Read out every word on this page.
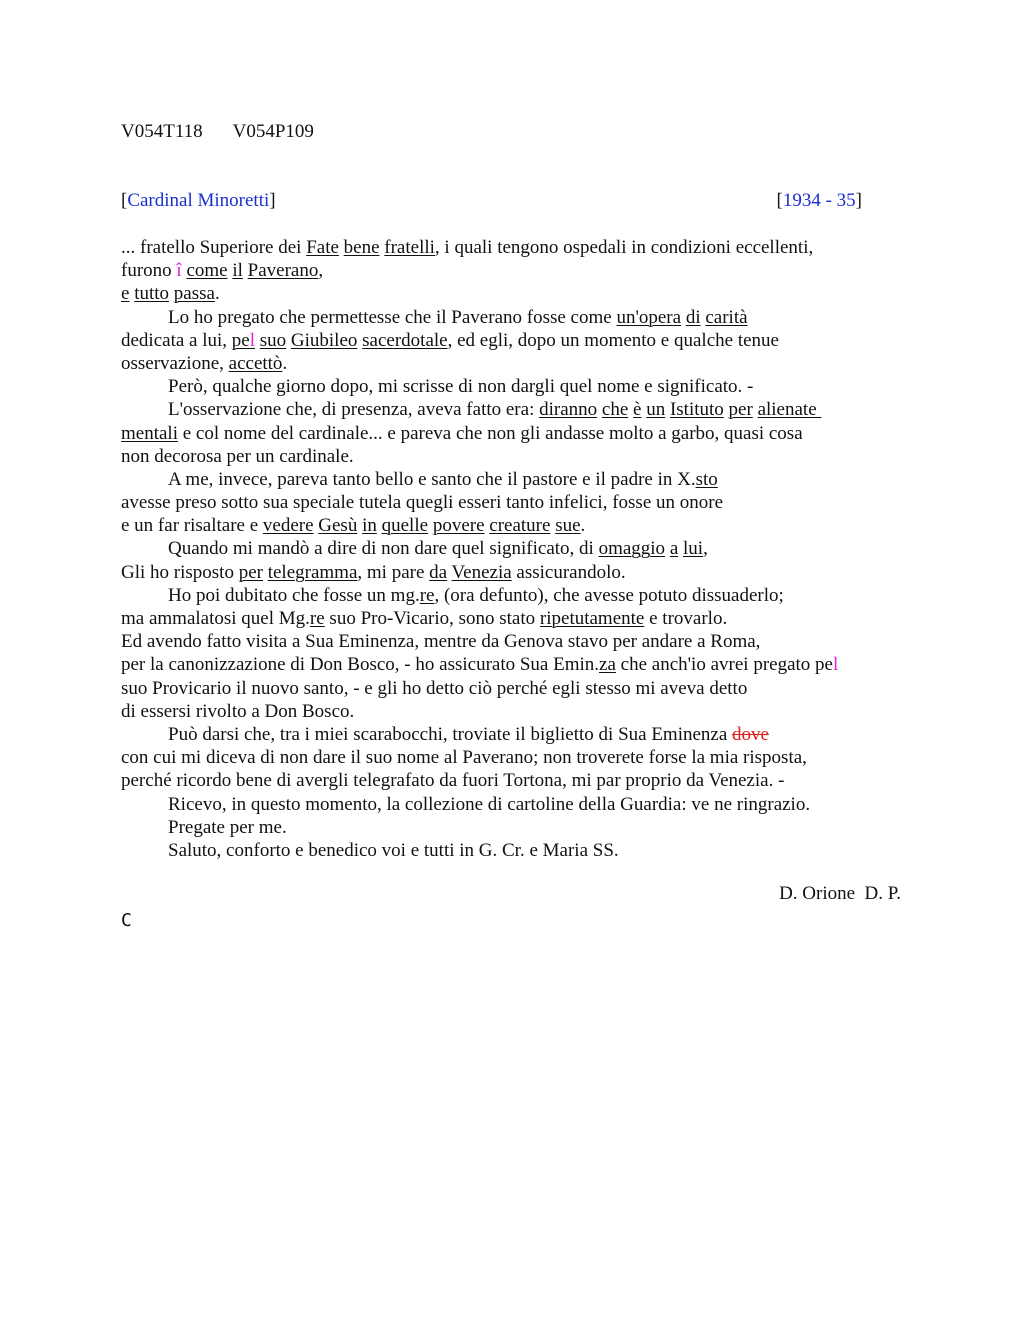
V054T118 V054P109
[Cardinal Minoretti]	[1934 - 35]
... fratello Superiore dei Fate bene fratelli, i quali tengono ospedali in condizioni eccellenti,
furono î come il Paverano,
e tutto passa.
Lo ho pregato che permettesse che il Paverano fosse come un'opera di carità
dedicata a lui, pel suo Giubileo sacerdotale, ed egli, dopo un momento e qualche tenue
osservazione, accettò.
Però, qualche giorno dopo, mi scrisse di non dargli quel nome e significato. -
L'osservazione che, di presenza, aveva fatto era: diranno che è un Istituto per alienate
mentali e col nome del cardinale... e pareva che non gli andasse molto a garbo, quasi cosa
non decorosa per un cardinale.
A me, invece, pareva tanto bello e santo che il pastore e il padre in X.sto
avesse preso sotto sua speciale tutela quegli esseri tanto infelici, fosse un onore
e un far risaltare e vedere Gesù in quelle povere creature sue.
Quando mi mandò a dire di non dare quel significato, di omaggio a lui,
Gli ho risposto per telegramma, mi pare da Venezia assicurandolo.
Ho poi dubitato che fosse un mg.re, (ora defunto), che avesse potuto dissuaderlo;
ma ammalatosi quel Mg.re suo Pro-Vicario, sono stato ripetutamente e trovarlo.
Ed avendo fatto visita a Sua Eminenza, mentre da Genova stavo per andare a Roma,
per la canonizzazione di Don Bosco, - ho assicurato Sua Emin.za che anch'io avrei pregato pel
suo Provicario il nuovo santo, - e gli ho detto ciò perché egli stesso mi aveva detto
di essersi rivolto a Don Bosco.
Può darsi che, tra i miei scarabocchi, troviate il biglietto di Sua Eminenza dove
con cui mi diceva di non dare il suo nome al Paverano; non troverete forse la mia risposta,
perché ricordo bene di avergli telegrafato da fuori Tortona, mi par proprio da Venezia. -
Ricevo, in questo momento, la collezione di cartoline della Guardia: ve ne ringrazio.
Pregate per me.
Saluto, conforto e benedico voi e tutti in G. Cr. e Maria SS.
D. Orione  D. P.
C
